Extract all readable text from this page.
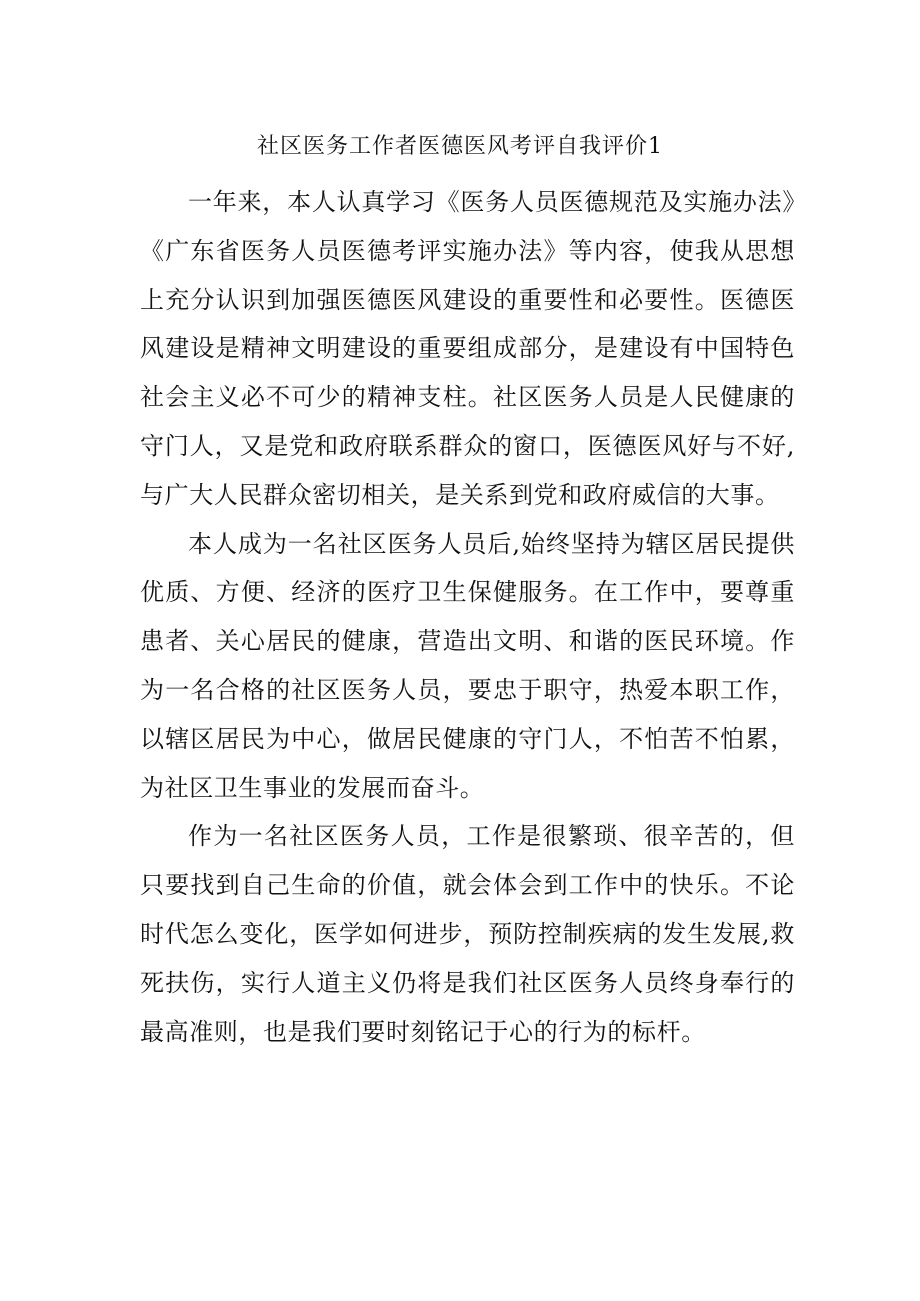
社区医务工作者医德医风考评自我评价1

一年来，本人认真学习《医务人员医德规范及实施办法》《广东省医务人员医德考评实施办法》等内容，使我从思想上充分认识到加强医德医风建设的重要性和必要性。医德医风建设是精神文明建设的重要组成部分，是建设有中国特色社会主义必不可少的精神支柱。社区医务人员是人民健康的守门人，又是党和政府联系群众的窗口，医德医风好与不好,与广大人民群众密切相关，是关系到党和政府威信的大事。

本人成为一名社区医务人员后,始终坚持为辖区居民提供优质、方便、经济的医疗卫生保健服务。在工作中，要尊重患者、关心居民的健康，营造出文明、和谐的医民环境。作为一名合格的社区医务人员，要忠于职守，热爱本职工作，以辖区居民为中心，做居民健康的守门人，不怕苦不怕累，为社区卫生事业的发展而奋斗。

作为一名社区医务人员，工作是很繁琐、很辛苦的，但只要找到自己生命的价值，就会体会到工作中的快乐。不论时代怎么变化，医学如何进步，预防控制疾病的发生发展,救死扶伤，实行人道主义仍将是我们社区医务人员终身奉行的最高准则，也是我们要时刻铭记于心的行为的标杆。
